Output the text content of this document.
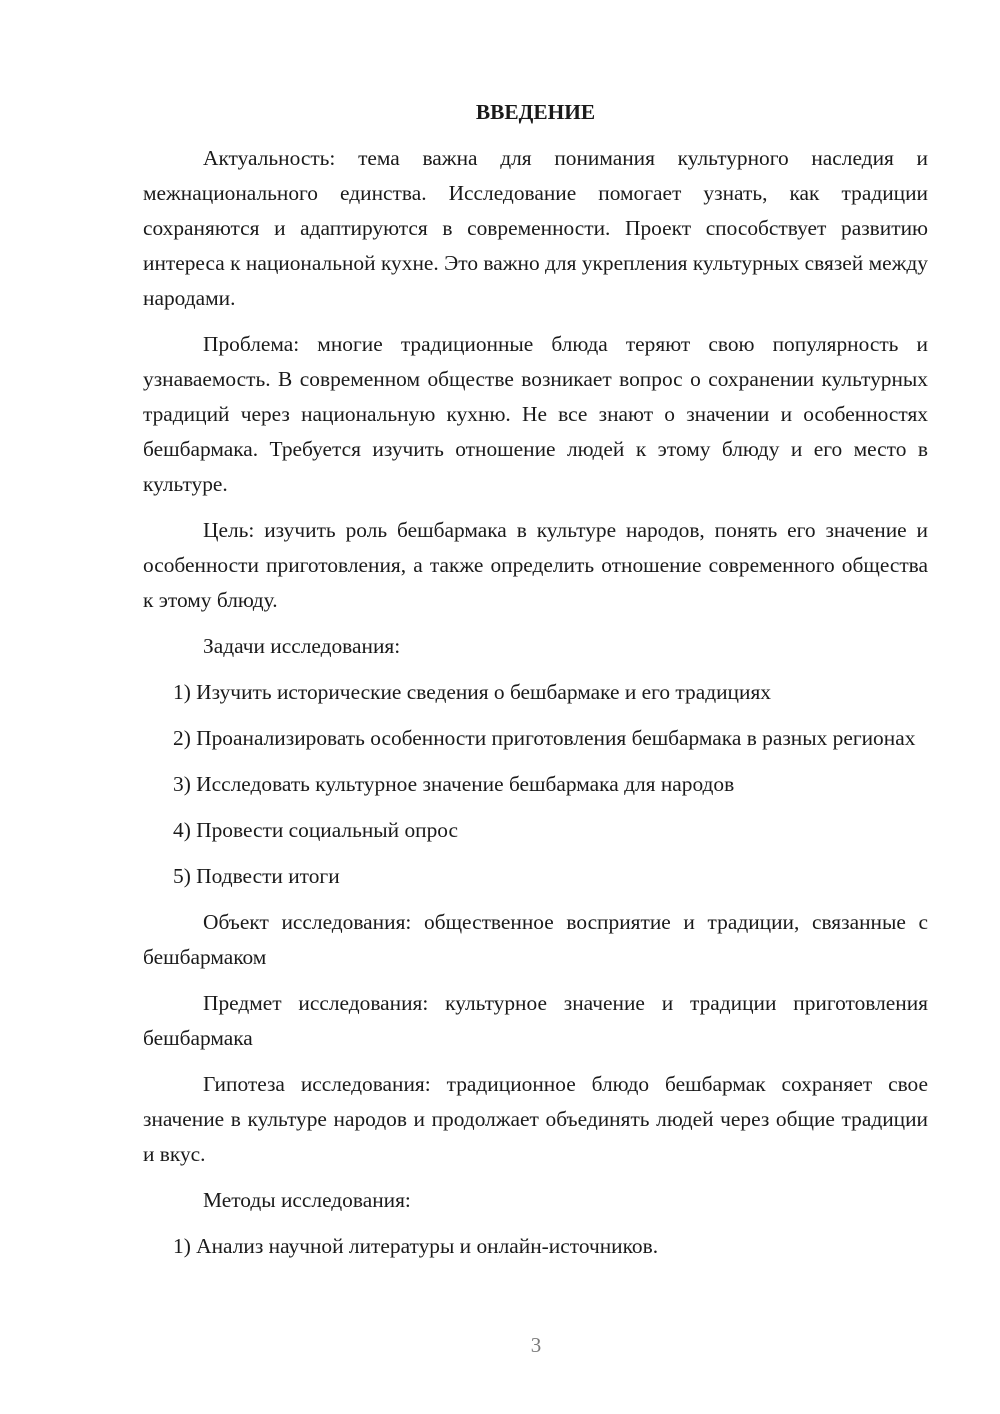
ВВЕДЕНИЕ
Актуальность: тема важна для понимания культурного наследия и межнационального единства. Исследование помогает узнать, как традиции сохраняются и адаптируются в современности. Проект способствует развитию интереса к национальной кухне. Это важно для укрепления культурных связей между народами.
Проблема: многие традиционные блюда теряют свою популярность и узнаваемость. В современном обществе возникает вопрос о сохранении культурных традиций через национальную кухню. Не все знают о значении и особенностях бешбармака. Требуется изучить отношение людей к этому блюду и его место в культуре.
Цель: изучить роль бешбармака в культуре народов, понять его значение и особенности приготовления, а также определить отношение современного общества к этому блюду.
Задачи исследования:
1) Изучить исторические сведения о бешбармаке и его традициях
2) Проанализировать особенности приготовления бешбармака в разных регионах
3) Исследовать культурное значение бешбармака для народов
4) Провести социальный опрос
5) Подвести итоги
Объект исследования: общественное восприятие и традиции, связанные с бешбармаком
Предмет исследования: культурное значение и традиции приготовления бешбармака
Гипотеза исследования: традиционное блюдо бешбармак сохраняет свое значение в культуре народов и продолжает объединять людей через общие традиции и вкус.
Методы исследования:
1) Анализ научной литературы и онлайн-источников.
3
